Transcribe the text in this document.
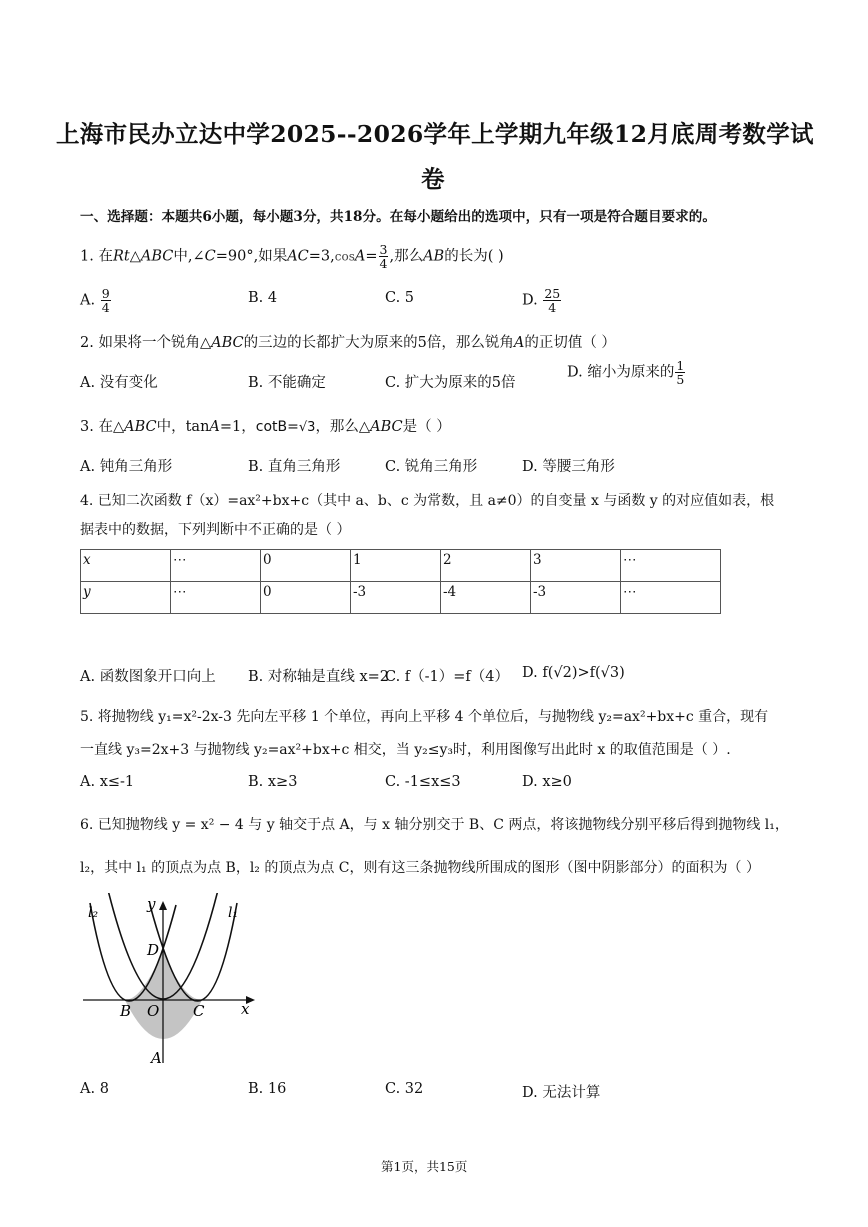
上海市民办立达中学2025--2026学年上学期九年级12月底周考数学试
卷
一、选择题：本题共6小题，每小题3分，共18分。在每小题给出的选项中，只有一项是符合题目要求的。
1. 在Rt△ABC中,∠C=90°,如果$AC=3,\cos A= \frac{3}{4}$ ,那么AB的长为( )
A. $\frac{9}{4}$	B. 4	C. 5	D. $\frac{25}{4}$
2. 如果将一个锐角△ABC的三边的长都扩大为原来的5倍，那么锐角A的正切值（ ）
A. 没有变化	B. 不能确定	C. 扩大为原来的5倍
D. 缩小为原来的 $\frac{1}{5}$
3. 在△ABC中，tanA=1，cotB=√3，那么△ABC是（ ）
A. 钝角三角形	B. 直角三角形	C. 锐角三角形	D. 等腰三角形
4. 已知二次函数 f（x）=ax²+bx+c（其中 a、b、c 为常数，且 a≠0）的自变量 x 与函数 y 的对应值如表，根
据表中的数据，下列判断中不正确的是（ ）
x	⋯	0	1	2	3	⋯
y	⋯	0	-3	-4	-3	⋯
A. 函数图象开口向上 B. 对称轴是直线 x=2
C. f（-1）=f（4） D. f(√2)>f(√3)
5. 将抛物线 y₁=x²-2x-3 先向左平移 1 个单位，再向上平移 4 个单位后，与抛物线 y₂=ax²+bx+c 重合，现有
一直线 y₃=2x+3 与抛物线 y₂=ax²+bx+c 相交，当 y₂≤y₃时，利用图像写出此时 x 的取值范围是（ ）.
A. x≤-1	B. x≥3	C. -1≤x≤3	D. x≥0
6. 已知抛物线 y = x² − 4 与 y 轴交于点 A，与 x 轴分别交于 B、C 两点，将该抛物线分别平移后得到抛物线 l₁，
l₂，其中 l₁ 的顶点为点 B，l₂ 的顶点为点 C，则有这三条抛物线所围成的图形（图中阴影部分）的面积为（ ）
l₂	y	l₁
D
B O C x
A
A. 8	B. 16	C. 32	D. 无法计算
第1页，共15页
